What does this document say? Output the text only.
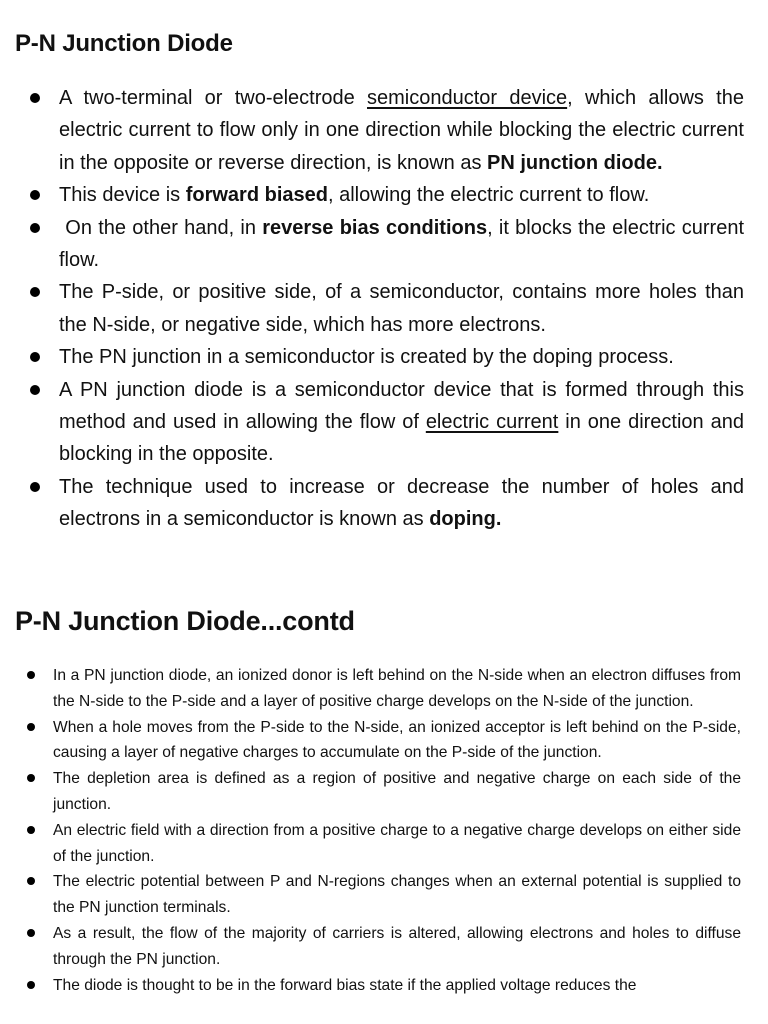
P-N Junction Diode
A two-terminal or two-electrode semiconductor device, which allows the electric current to flow only in one direction while blocking the electric current in the opposite or reverse direction, is known as PN junction diode.
This device is forward biased, allowing the electric current to flow.
On the other hand, in reverse bias conditions, it blocks the electric current flow.
The P-side, or positive side, of a semiconductor, contains more holes than the N-side, or negative side, which has more electrons.
The PN junction in a semiconductor is created by the doping process.
A PN junction diode is a semiconductor device that is formed through this method and used in allowing the flow of electric current in one direction and blocking in the opposite.
The technique used to increase or decrease the number of holes and electrons in a semiconductor is known as doping.
P-N Junction Diode...contd
In a PN junction diode, an ionized donor is left behind on the N-side when an electron diffuses from the N-side to the P-side and a layer of positive charge develops on the N-side of the junction.
When a hole moves from the P-side to the N-side, an ionized acceptor is left behind on the P-side, causing a layer of negative charges to accumulate on the P-side of the junction.
The depletion area is defined as a region of positive and negative charge on each side of the junction.
An electric field with a direction from a positive charge to a negative charge develops on either side of the junction.
The electric potential between P and N-regions changes when an external potential is supplied to the PN junction terminals.
As a result, the flow of the majority of carriers is altered, allowing electrons and holes to diffuse through the PN junction.
The diode is thought to be in the forward bias state if the applied voltage reduces the
